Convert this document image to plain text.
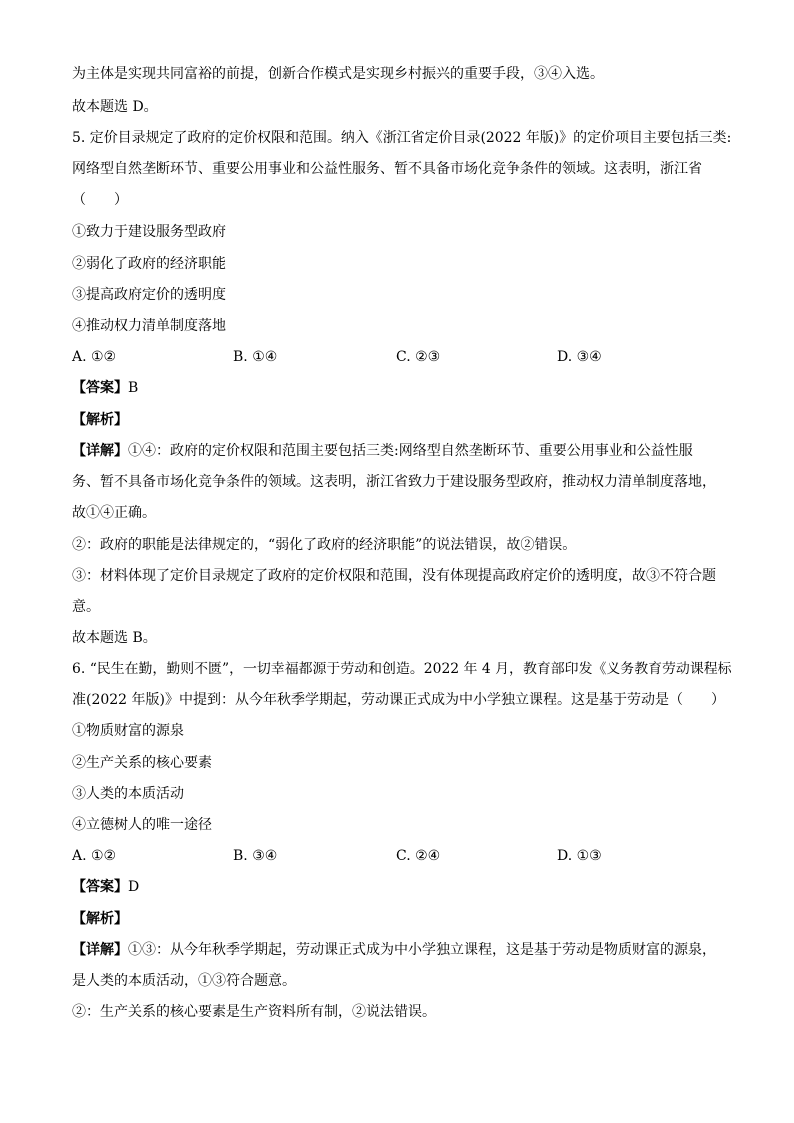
为主体是实现共同富裕的前提，创新合作模式是实现乡村振兴的重要手段，③④入选。
故本题选 D。
5. 定价目录规定了政府的定价权限和范围。纳入《浙江省定价目录(2022 年版)》的定价项目主要包括三类:
网络型自然垄断环节、重要公用事业和公益性服务、暂不具备市场化竞争条件的领域。这表明，浙江省
（　　）
①致力于建设服务型政府
②弱化了政府的经济职能
③提高政府定价的透明度
④推动权力清单制度落地
A. ①②	B. ①④	C. ②③	D. ③④
【答案】B
【解析】
【详解】①④：政府的定价权限和范围主要包括三类:网络型自然垄断环节、重要公用事业和公益性服
务、暂不具备市场化竞争条件的领域。这表明，浙江省致力于建设服务型政府，推动权力清单制度落地，
故①④正确。
②：政府的职能是法律规定的，“弱化了政府的经济职能”的说法错误，故②错误。
③：材料体现了定价目录规定了政府的定价权限和范围，没有体现提高政府定价的透明度，故③不符合题
意。
故本题选 B。
6. “民生在勤，勤则不匮”，一切幸福都源于劳动和创造。2022 年 4 月，教育部印发《义务教育劳动课程标
准(2022 年版)》中提到：从今年秋季学期起，劳动课正式成为中小学独立课程。这是基于劳动是（　　）
①物质财富的源泉
②生产关系的核心要素
③人类的本质活动
④立德树人的唯一途径
A. ①②	B. ③④	C. ②④	D. ①③
【答案】D
【解析】
【详解】①③：从今年秋季学期起，劳动课正式成为中小学独立课程，这是基于劳动是物质财富的源泉，
是人类的本质活动，①③符合题意。
②：生产关系的核心要素是生产资料所有制，②说法错误。
